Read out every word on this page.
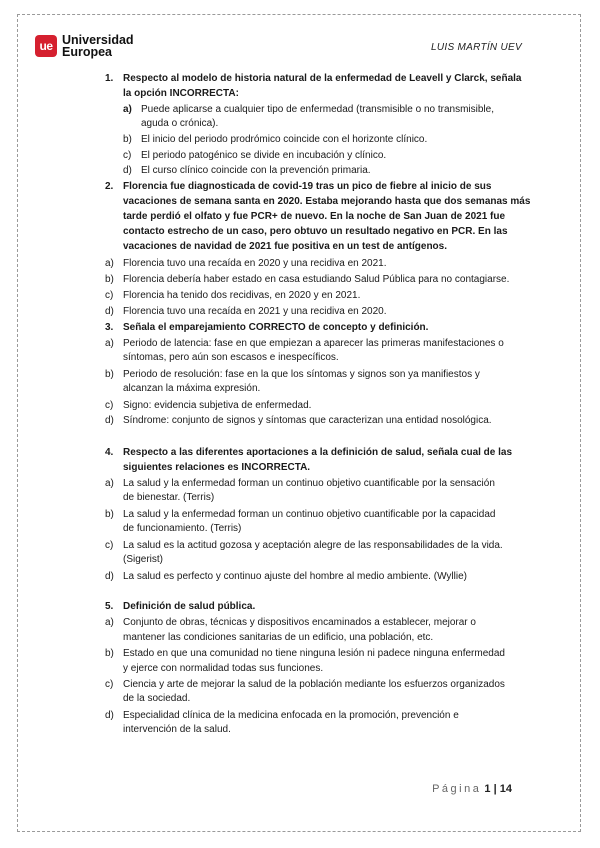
ue Universidad
Europea	LUIS MARTÍN UEV
1. Respecto al modelo de historia natural de la enfermedad de Leavell y Clarck, señala
la opción INCORRECTA:
a) Puede aplicarse a cualquier tipo de enfermedad (transmisible o no transmisible,
aguda o crónica).
b) El inicio del periodo prodrómico coincide con el horizonte clínico.
c) El periodo patogénico se divide en incubación y clínico.
d) El curso clínico coincide con la prevención primaria.
2. Florencia fue diagnosticada de covid-19 tras un pico de fiebre al inicio de sus
vacaciones de semana santa en 2020. Estaba mejorando hasta que dos semanas más
tarde perdió el olfato y fue PCR+ de nuevo. En la noche de San Juan de 2021 fue
contacto estrecho de un caso, pero obtuvo un resultado negativo en PCR. En las
vacaciones de navidad de 2021 fue positiva en un test de antígenos.
a) Florencia tuvo una recaída en 2020 y una recidiva en 2021.
b) Florencia debería haber estado en casa estudiando Salud Pública para no contagiarse.
c) Florencia ha tenido dos recidivas, en 2020 y en 2021.
d) Florencia tuvo una recaída en 2021 y una recidiva en 2020.
3. Señala el emparejamiento CORRECTO de concepto y definición.
a) Periodo de latencia: fase en que empiezan a aparecer las primeras manifestaciones o
síntomas, pero aún son escasos e inespecíficos.
b) Periodo de resolución: fase en la que los síntomas y signos son ya manifiestos y
alcanzan la máxima expresión.
c) Signo: evidencia subjetiva de enfermedad.
d) Síndrome: conjunto de signos y síntomas que caracterizan una entidad nosológica.
4. Respecto a las diferentes aportaciones a la definición de salud, señala cual de las
siguientes relaciones es INCORRECTA.
a) La salud y la enfermedad forman un continuo objetivo cuantificable por la sensación
de bienestar. (Terris)
b) La salud y la enfermedad forman un continuo objetivo cuantificable por la capacidad
de funcionamiento. (Terris)
c) La salud es la actitud gozosa y aceptación alegre de las responsabilidades de la vida.
(Sigerist)
d) La salud es perfecto y continuo ajuste del hombre al medio ambiente. (Wyllie)
5. Definición de salud pública.
a) Conjunto de obras, técnicas y dispositivos encaminados a establecer, mejorar o
mantener las condiciones sanitarias de un edificio, una población, etc.
b) Estado en que una comunidad no tiene ninguna lesión ni padece ninguna enfermedad
y ejerce con normalidad todas sus funciones.
c) Ciencia y arte de mejorar la salud de la población mediante los esfuerzos organizados
de la sociedad.
d) Especialidad clínica de la medicina enfocada en la promoción, prevención e
intervención de la salud.
Página 1 | 14
